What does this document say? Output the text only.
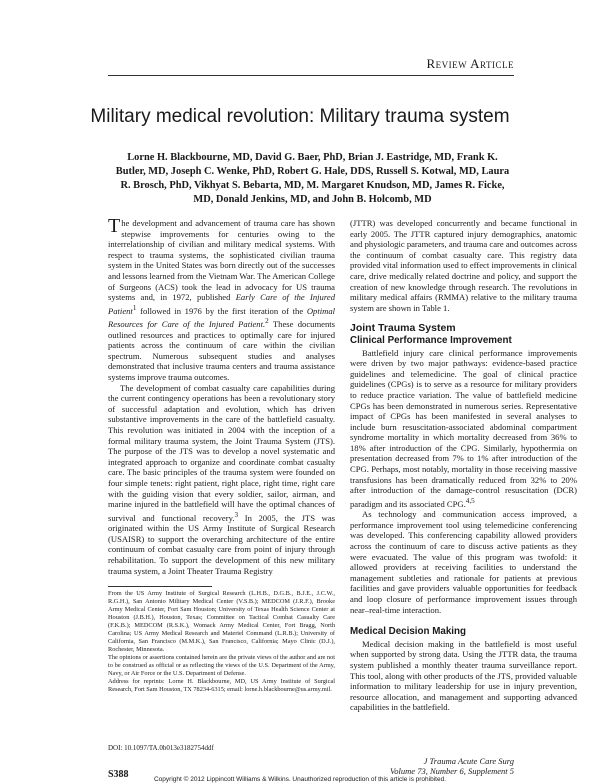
Review Article
Military medical revolution: Military trauma system
Lorne H. Blackbourne, MD, David G. Baer, PhD, Brian J. Eastridge, MD, Frank K. Butler, MD, Joseph C. Wenke, PhD, Robert G. Hale, DDS, Russell S. Kotwal, MD, Laura R. Brosch, PhD, Vikhyat S. Bebarta, MD, M. Margaret Knudson, MD, James R. Ficke, MD, Donald Jenkins, MD, and John B. Holcomb, MD

The development and advancement of trauma care has shown stepwise improvements for centuries owing to the interrelationship of civilian and military medical systems. With respect to trauma systems, the sophisticated civilian trauma system in the United States was born directly out of the successes and lessons learned from the Vietnam War. The American College of Surgeons (ACS) took the lead in advocacy for US trauma systems and, in 1972, published Early Care of the Injured Patient$^1$ followed in 1976 by the first iteration of the Optimal Resources for Care of the Injured Patient.$^2$ These documents outlined resources and practices to optimally care for injured patients across the continuum of care within the civilian spectrum. Numerous subsequent studies and analyses demonstrated that inclusive trauma centers and trauma assistance systems improve trauma outcomes.

The development of combat casualty care capabilities during the current contingency operations has been a revolutionary story of successful adaptation and evolution, which has driven substantive improvements in the care of the battlefield casualty. This revolution was initiated in 2004 with the inception of a formal military trauma system, the Joint Trauma System (JTS). The purpose of the JTS was to develop a novel systematic and integrated approach to organize and coordinate combat casualty care. The basic principles of the trauma system were founded on four simple tenets: right patient, right place, right time, right care with the guiding vision that every soldier, sailor, airman, and marine injured in the battlefield will have the optimal chances of survival and functional recovery.$^3$ In 2005, the JTS was originated within the US Army Institute of Surgical Research (USAISR) to support the overarching architecture of the entire continuum of combat casualty care from point of injury through rehabilitation. To support the development of this new military trauma system, a Joint Theater Trauma Registry

(JTTR) was developed concurrently and became functional in early 2005. The JTTR captured injury demographics, anatomic and physiologic parameters, and trauma care and outcomes across the continuum of combat casualty care. This registry data provided vital information used to effect improvements in clinical care, drive medically related doctrine and policy, and support the creation of new knowledge through research. The revolutions in military medical affairs (RMMA) relative to the military trauma system are shown in Table 1.

Joint Trauma System
Clinical Performance Improvement

Battlefield injury care clinical performance improvements were driven by two major pathways: evidence-based practice guidelines and telemedicine. The goal of clinical practice guidelines (CPGs) is to serve as a resource for military providers to reduce practice variation. The value of battlefield medicine CPGs has been demonstrated in numerous series. Representative impact of CPGs has been manifested in several analyses to include burn resuscitation-associated abdominal compartment syndrome mortality in which mortality decreased from 36% to 18% after introduction of the CPG. Similarly, hypothermia on presentation decreased from 7% to 1% after introduction of the CPG. Perhaps, most notably, mortality in those receiving massive transfusions has been dramatically reduced from 32% to 20% after introduction of the damage-control resuscitation (DCR) paradigm and its associated CPG.$^{4,5}$

As technology and communication access improved, a performance improvement tool using telemedicine conferencing was developed. This conferencing capability allowed providers across the continuum of care to discuss active patients as they were evacuated. The value of this program was twofold: it allowed providers at receiving facilities to understand the management subtleties and rationale for patients at previous facilities and gave providers valuable opportunities for feedback and loop closure of performance improvement issues through near–real-time interaction.

Medical Decision Making

Medical decision making in the battlefield is most useful when supported by strong data. Using the JTTR data, the trauma system published a monthly theater trauma surveillance report. This tool, along with other products of the JTS, provided valuable information to military leadership for use in injury prevention, resource allocation, and management and supporting advanced capabilities in the battlefield.

From the US Army Institute of Surgical Research (L.H.B., D.G.B., B.J.E., J.C.W., R.G.H.), San Antonio Military Medical Center (V.S.B.); MEDCOM (J.R.F.), Brooke Army Medical Center, Fort Sam Houston; University of Texas Health Science Center at Houston (J.B.H.), Houston, Texas; Committee on Tactical Combat Casualty Care (F.K.B.); MEDCOM (R.S.K.), Womack Army Medical Center, Fort Bragg, North Carolina; US Army Medical Research and Materiel Command (L.R.B.); University of California, San Francisco (M.M.K.), San Francisco, California; Mayo Clinic (D.J.), Rochester, Minnesota.

The opinions or assertions contained herein are the private views of the author and are not to be construed as official or as reflecting the views of the U.S. Department of the Army, Navy, or Air Force or the U.S. Department of Defense.

Address for reprints: Lorne H. Blackbourne, MD, US Army Institute of Surgical Research, Fort Sam Houston, TX 78234-6315; email: lorne.h.blackbourne@us.army.mil.

DOI: 10.1097/TA.0b013e3182754ddf
S388
J Trauma Acute Care Surg
Volume 73, Number 6, Supplement 5
Copyright © 2012 Lippincott Williams & Wilkins. Unauthorized reproduction of this article is prohibited.
